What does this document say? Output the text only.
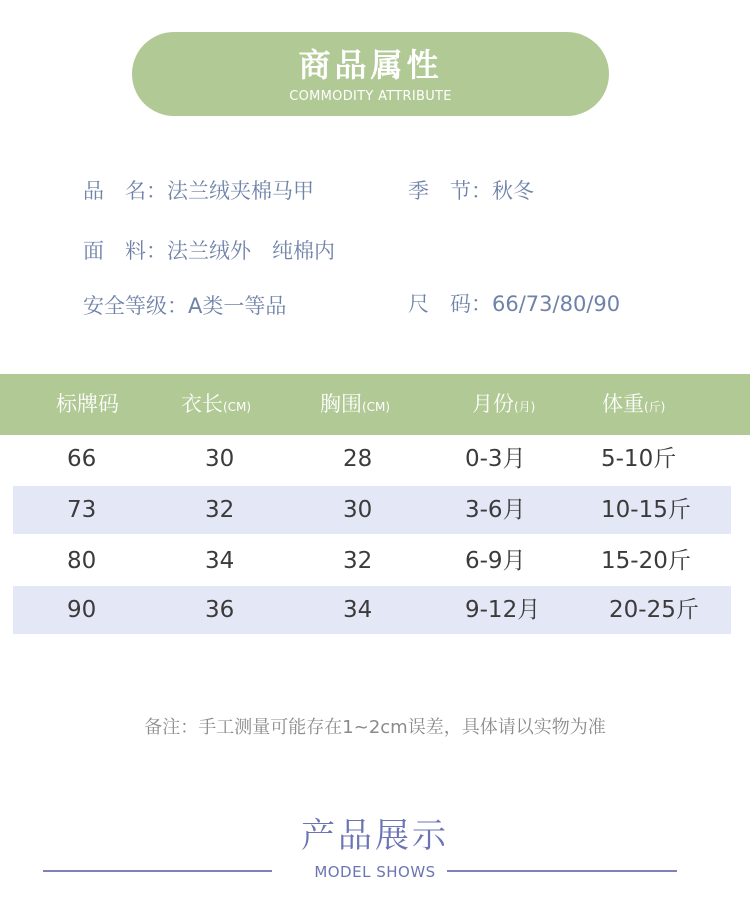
商品属性
COMMODITY ATTRIBUTE
品　名：法兰绒夹棉马甲	季　节：秋冬
面　料：法兰绒外　纯棉内
安全等级：A类一等品	尺　码：66/73/80/90
标牌码	衣长(CM)	胸围(CM)	月份(月)	体重(斤)
66	30	28	0-3月	5-10斤
73	32	30	3-6月	10-15斤
80	34	32	6-9月	15-20斤
90	36	34	9-12月	20-25斤
备注：手工测量可能存在1~2cm误差，具体请以实物为准
产品展示
MODEL SHOWS
